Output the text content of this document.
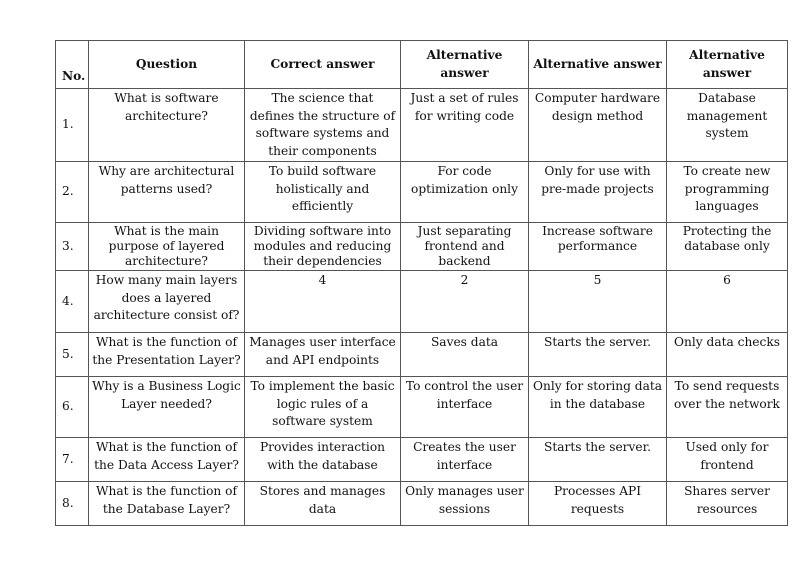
No.	Question	Correct answer	Alternative answer	Alternative answer	Alternative answer
1.	What is software architecture?	The science that defines the structure of software systems and their components	Just a set of rules for writing code	Computer hardware design method	Database management system
2.	Why are architectural patterns used?	To build software holistically and efficiently	For code optimization only	Only for use with pre-made projects	To create new programming languages
3.	What is the main purpose of layered architecture?	Dividing software into modules and reducing their dependencies	Just separating frontend and backend	Increase software performance	Protecting the database only
4.	How many main layers does a layered architecture consist of?	4	2	5	6
5.	What is the function of the Presentation Layer?	Manages user interface and API endpoints	Saves data	Starts the server.	Only data checks
6.	Why is a Business Logic Layer needed?	To implement the basic logic rules of a software system	To control the user interface	Only for storing data in the database	To send requests over the network
7.	What is the function of the Data Access Layer?	Provides interaction with the database	Creates the user interface	Starts the server.	Used only for frontend
8.	What is the function of the Database Layer?	Stores and manages data	Only manages user sessions	Processes API requests	Shares server resources
